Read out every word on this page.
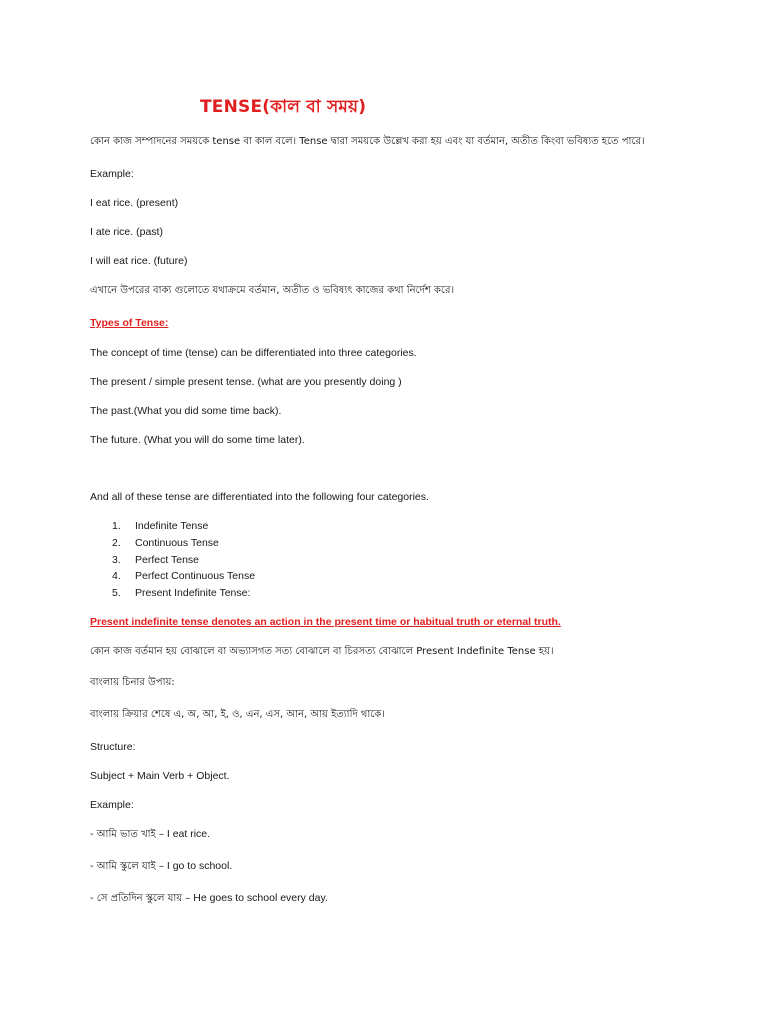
TENSE(কাল বা সময়)
কোন কাজ সম্পাদনের সময়কে tense বা কাল বলে। Tense দ্বারা সময়কে উল্লেখ করা হয় এবং যা বর্তমান, অতীত কিংবা ভবিষ্যত হতে পারে।
Example:
I eat rice. (present)
I ate rice. (past)
I will eat rice. (future)
এখানে উপরের বাক্য গুলোতে যথাক্রমে বর্তমান, অতীত ও ভবিষ্যৎ কাজের কথা নির্দেশ করে।
Types of Tense:
The concept of time (tense) can be differentiated into three categories.
The present / simple present tense. (what are you presently doing )
The past.(What you did some time back).
The future. (What you will do some time later).
And all of these tense are differentiated into the following four categories.
1. Indefinite Tense
2. Continuous Tense
3. Perfect Tense
4. Perfect Continuous Tense
5. Present Indefinite Tense:
Present indefinite tense denotes an action in the present time or habitual truth or eternal truth.
কোন কাজ বর্তমান হয় বোঝালে বা অভ্যাসগত সত্য বোঝালে বা চিরসত্য বোঝালে Present Indefinite Tense হয়।
বাংলায় চিনার উপায়:
বাংলায় ক্রিয়ার শেষে এ, অ, আ, ই, ও, এন, এস, আন, আয় ইত্যাদি থাকে।
Structure:
Subject + Main Verb + Object.
Example:
- আমি ভাত খাই – I eat rice.
- আমি স্কুলে যাই – I go to school.
- সে প্রতিদিন স্কুলে যায় – He goes to school every day.
